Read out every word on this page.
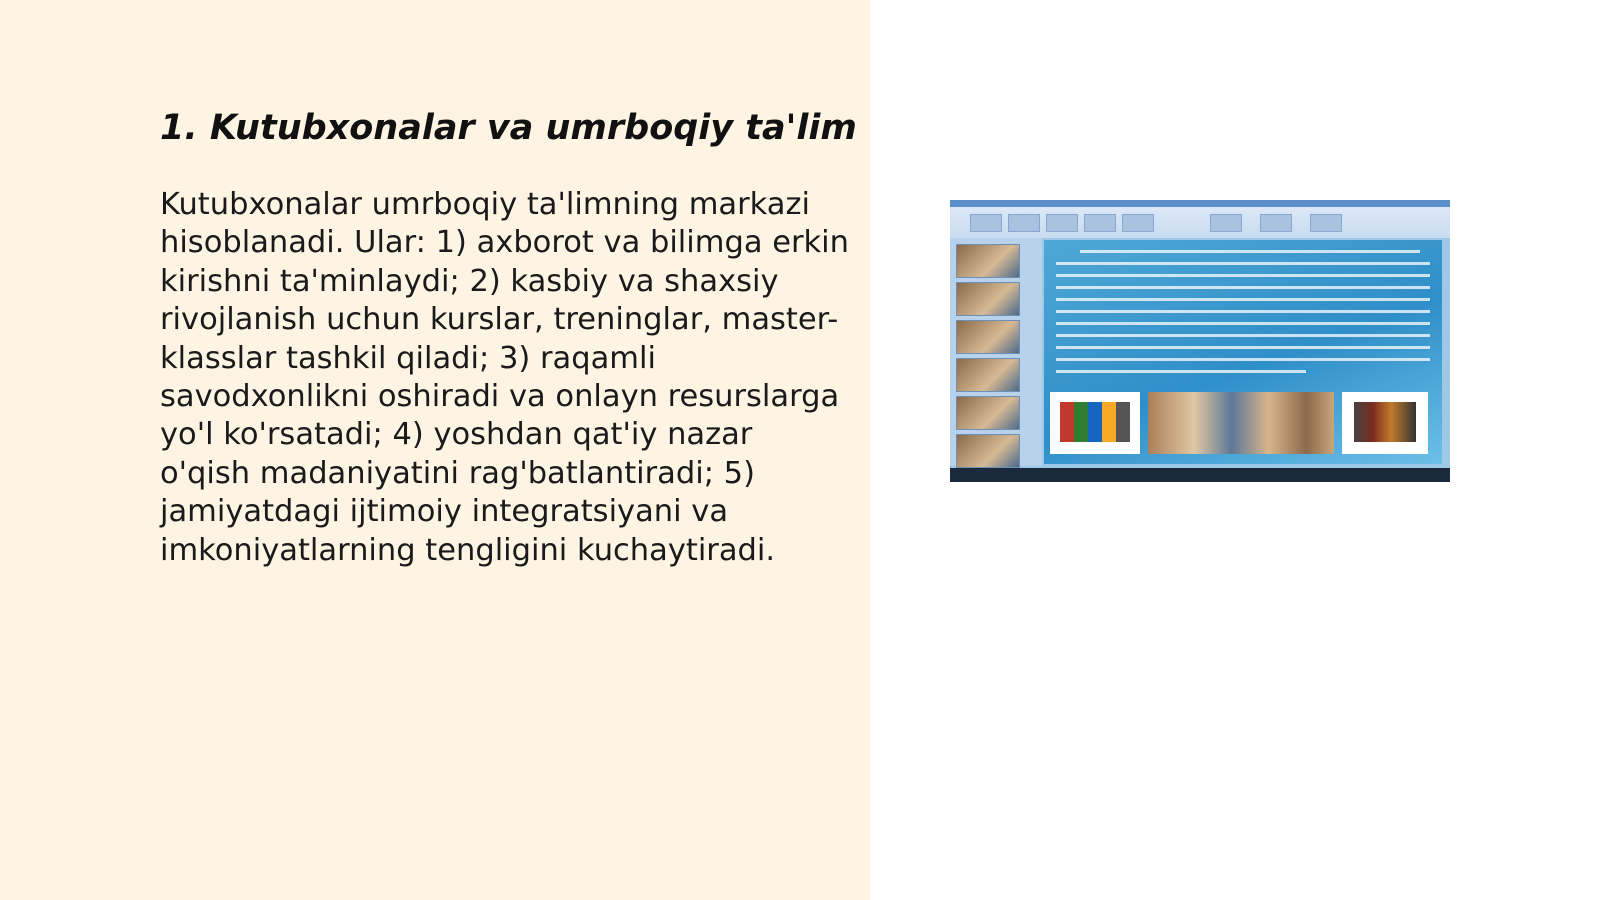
1. Kutubxonalar va umrboqiy ta'lim

Kutubxonalar umrboqiy ta'limning markazi hisoblanadi. Ular: 1) axborot va bilimga erkin kirishni ta'minlaydi; 2) kasbiy va shaxsiy rivojlanish uchun kurslar, treninglar, master-klasslar tashkil qiladi; 3) raqamli savodxonlikni oshiradi va onlayn resurslarga yo'l ko'rsatadi; 4) yoshdan qat'iy nazar o'qish madaniyatini rag'batlantiradi; 5) jamiyatdagi ijtimoiy integratsiyani va imkoniyatlarning tengligini kuchaytiradi.
